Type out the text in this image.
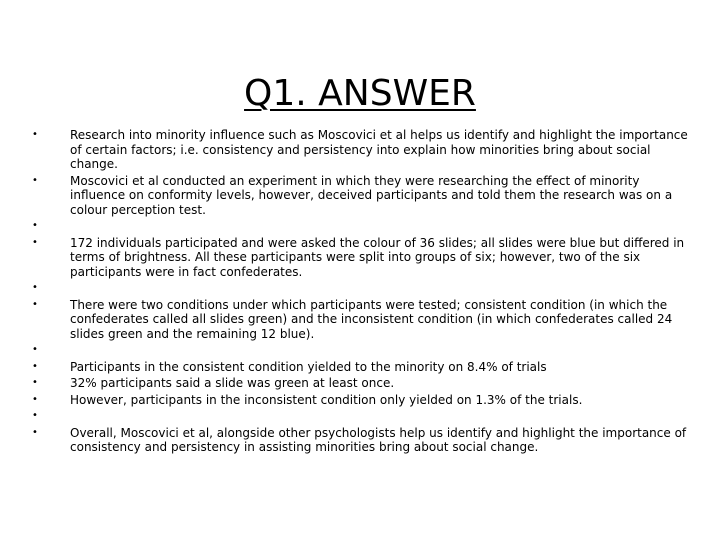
Q1. ANSWER
•	Research into minority influence such as Moscovici et al helps us identify and highlight the importance of certain factors; i.e. consistency and persistency into explain how minorities bring about social change.
•	Moscovici et al conducted an experiment in which they were researching the effect of minority influence on conformity levels, however, deceived participants and told them the research was on a colour perception test.
•
•	172 individuals participated and were asked the colour of 36 slides; all slides were blue but differed in terms of brightness. All these participants were split into groups of six; however, two of the six participants were in fact confederates.
•
•	There were two conditions under which participants were tested; consistent condition (in which the confederates called all slides green) and the inconsistent condition (in which confederates called 24 slides green and the remaining 12 blue).
•
•	Participants in the consistent condition yielded to the minority on 8.4% of trials
•	32% participants said a slide was green at least once.
•	However, participants in the inconsistent condition only yielded on 1.3% of the trials.
•
•	Overall, Moscovici et al, alongside other psychologists help us identify and highlight the importance of consistency and persistency in assisting minorities bring about social change.
